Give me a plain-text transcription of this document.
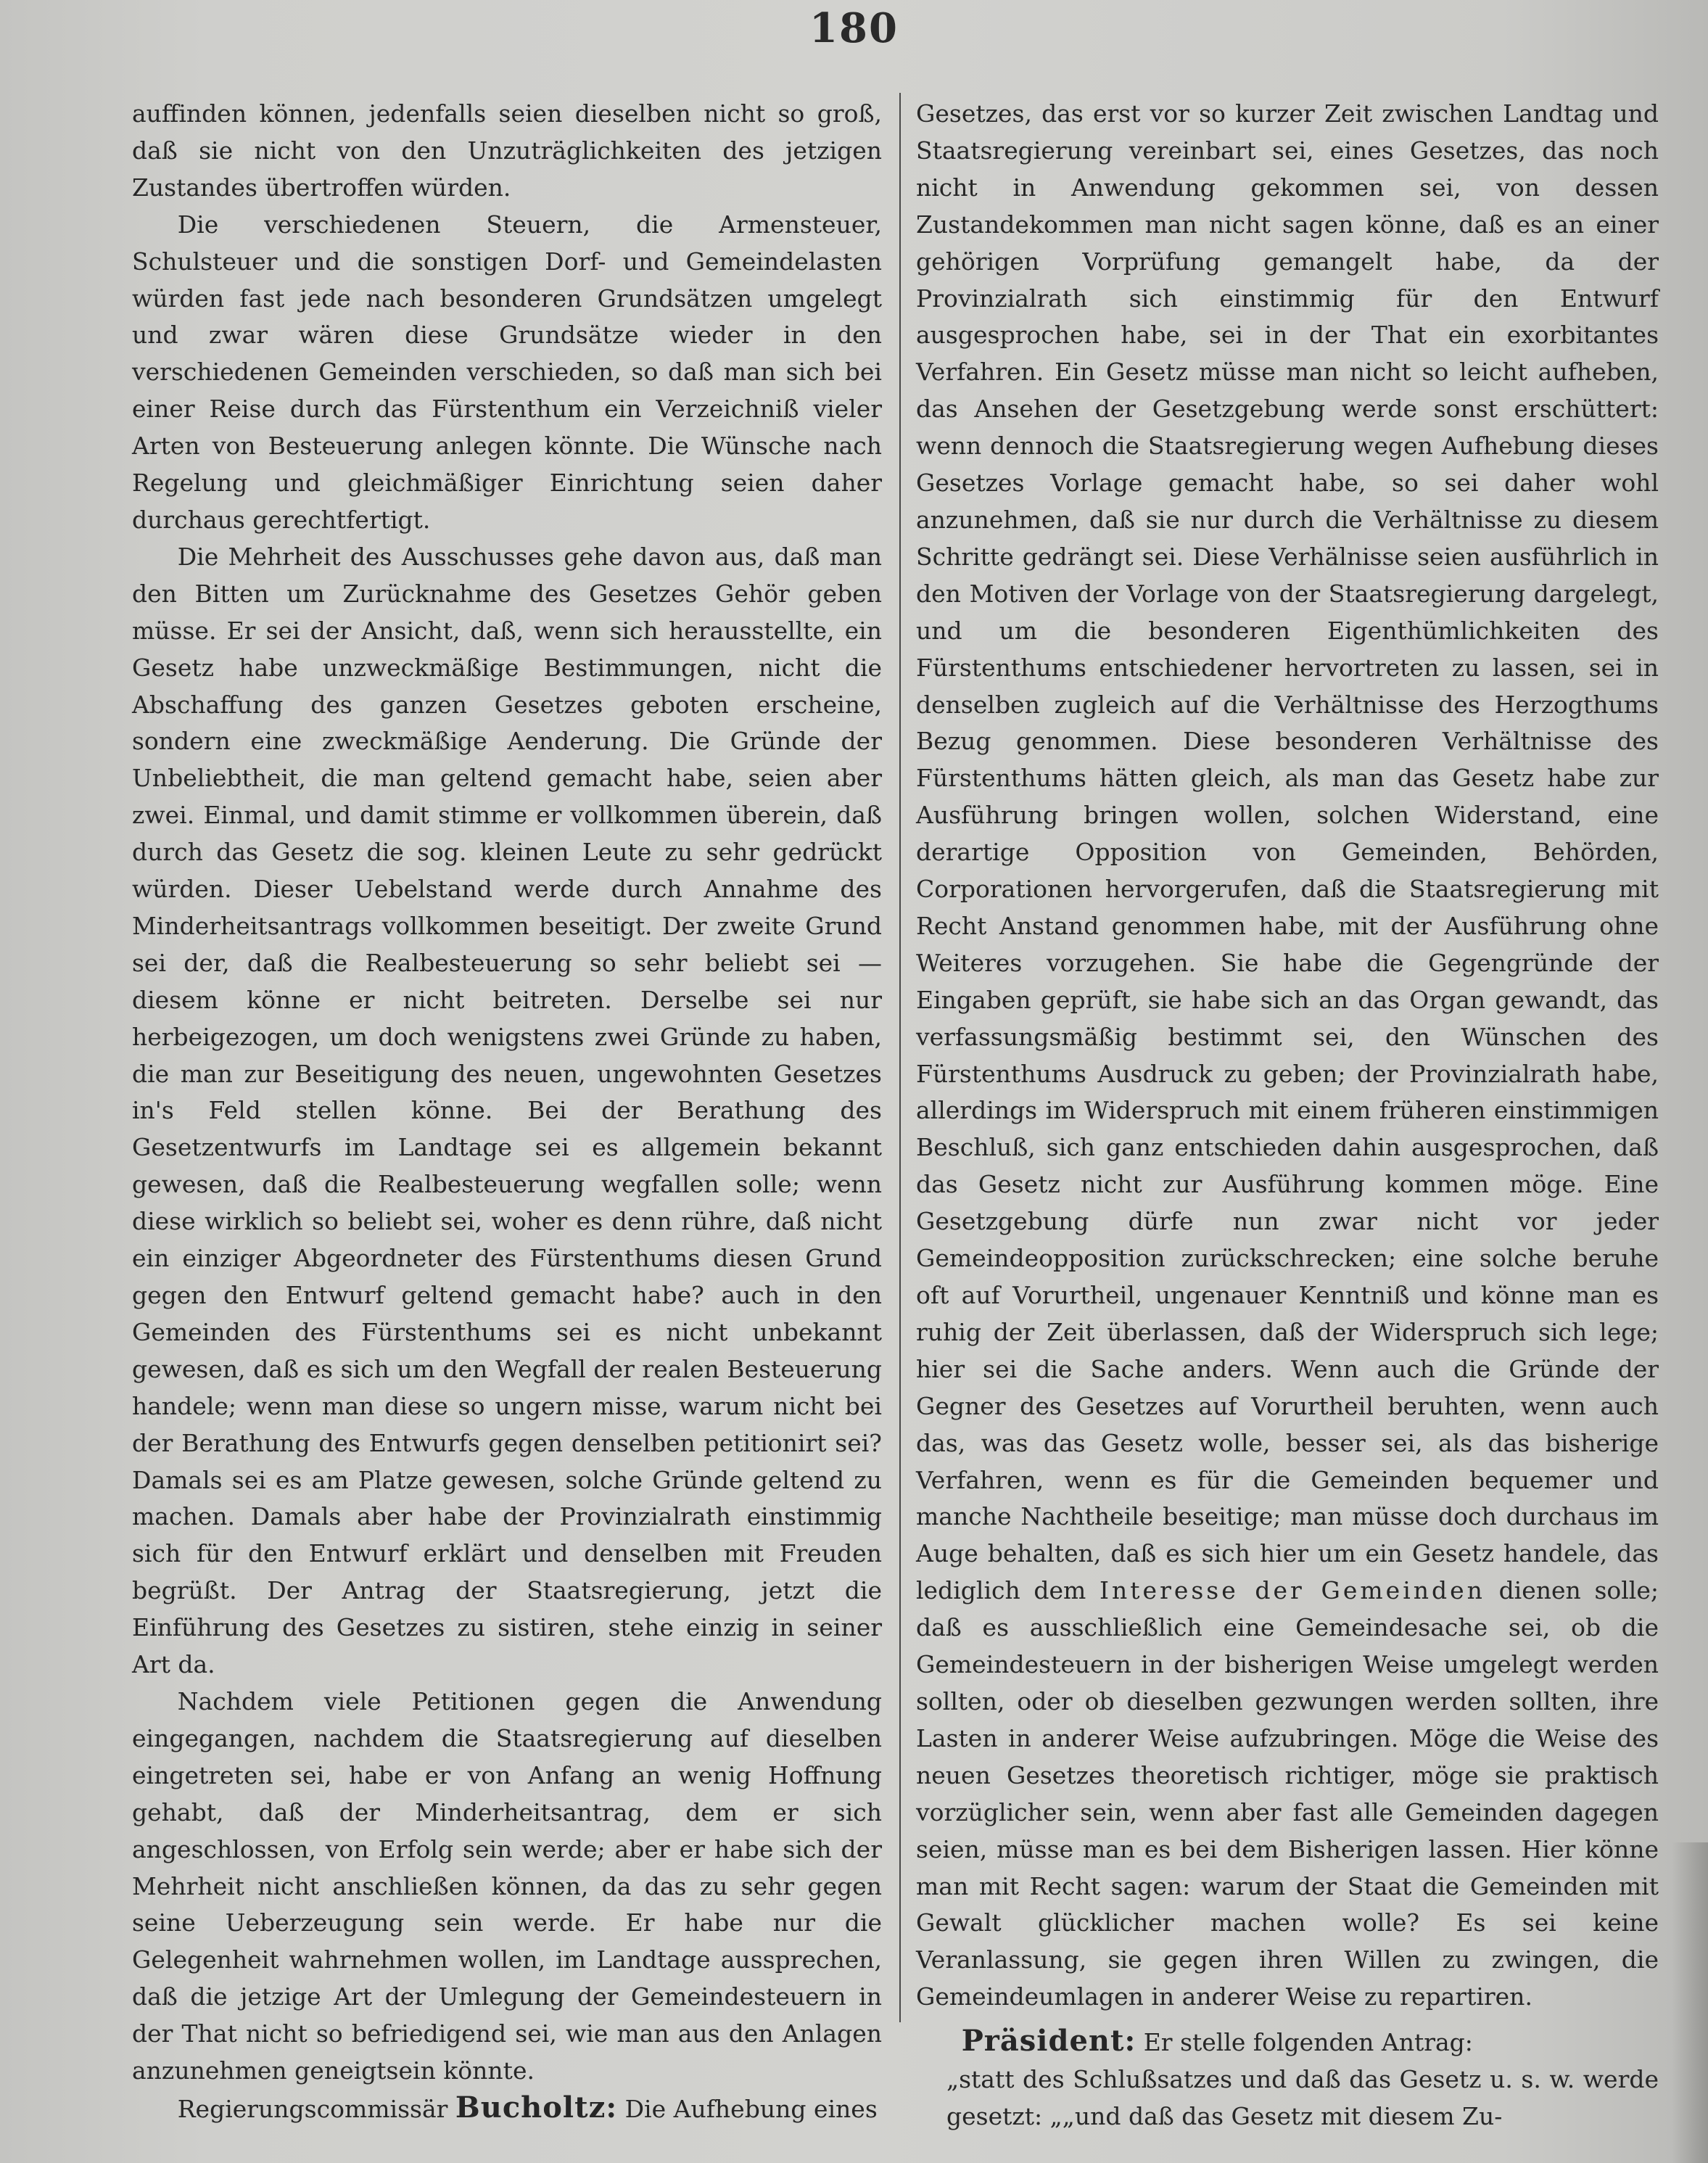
180

auffinden können, jedenfalls seien dieselben nicht so groß, daß sie nicht von den Unzuträglichkeiten des jetzigen Zustandes übertroffen würden.

Die verschiedenen Steuern, die Armensteuer, Schulsteuer und die sonstigen Dorf- und Gemeindelasten würden fast jede nach besonderen Grundsätzen umgelegt und zwar wären diese Grundsätze wieder in den verschiedenen Gemeinden verschieden, so daß man sich bei einer Reise durch das Fürstenthum ein Verzeichniß vieler Arten von Besteuerung anlegen könnte. Die Wünsche nach Regelung und gleichmäßiger Einrichtung seien daher durchaus gerechtfertigt.

Die Mehrheit des Ausschusses gehe davon aus, daß man den Bitten um Zurücknahme des Gesetzes Gehör geben müsse. Er sei der Ansicht, daß, wenn sich herausstellte, ein Gesetz habe unzweckmäßige Bestimmungen, nicht die Abschaffung des ganzen Gesetzes geboten erscheine, sondern eine zweckmäßige Aenderung. Die Gründe der Unbeliebtheit, die man geltend gemacht habe, seien aber zwei. Einmal, und damit stimme er vollkommen überein, daß durch das Gesetz die sog. kleinen Leute zu sehr gedrückt würden. Dieser Uebelstand werde durch Annahme des Minderheitsantrags vollkommen beseitigt. Der zweite Grund sei der, daß die Realbesteuerung so sehr beliebt sei — diesem könne er nicht beitreten. Derselbe sei nur herbeigezogen, um doch wenigstens zwei Gründe zu haben, die man zur Beseitigung des neuen, ungewohnten Gesetzes in's Feld stellen könne. Bei der Berathung des Gesetzentwurfs im Landtage sei es allgemein bekannt gewesen, daß die Realbesteuerung wegfallen solle; wenn diese wirklich so beliebt sei, woher es denn rühre, daß nicht ein einziger Abgeordneter des Fürstenthums diesen Grund gegen den Entwurf geltend gemacht habe? auch in den Gemeinden des Fürstenthums sei es nicht unbekannt gewesen, daß es sich um den Wegfall der realen Besteuerung handele; wenn man diese so ungern misse, warum nicht bei der Berathung des Entwurfs gegen denselben petitionirt sei? Damals sei es am Platze gewesen, solche Gründe geltend zu machen. Damals aber habe der Provinzialrath einstimmig sich für den Entwurf erklärt und denselben mit Freuden begrüßt. Der Antrag der Staatsregierung, jetzt die Einführung des Gesetzes zu sistiren, stehe einzig in seiner Art da.

Nachdem viele Petitionen gegen die Anwendung eingegangen, nachdem die Staatsregierung auf dieselben eingetreten sei, habe er von Anfang an wenig Hoffnung gehabt, daß der Minderheitsantrag, dem er sich angeschlossen, von Erfolg sein werde; aber er habe sich der Mehrheit nicht anschließen können, da das zu sehr gegen seine Ueberzeugung sein werde. Er habe nur die Gelegenheit wahrnehmen wollen, im Landtage aussprechen, daß die jetzige Art der Umlegung der Gemeindesteuern in der That nicht so befriedigend sei, wie man aus den Anlagen anzunehmen geneigtsein könnte.

Regierungscommissär Bucholtz: Die Aufhebung eines

Gesetzes, das erst vor so kurzer Zeit zwischen Landtag und Staatsregierung vereinbart sei, eines Gesetzes, das noch nicht in Anwendung gekommen sei, von dessen Zustandekommen man nicht sagen könne, daß es an einer gehörigen Vorprüfung gemangelt habe, da der Provinzialrath sich einstimmig für den Entwurf ausgesprochen habe, sei in der That ein exorbitantes Verfahren. Ein Gesetz müsse man nicht so leicht aufheben, das Ansehen der Gesetzgebung werde sonst erschüttert: wenn dennoch die Staatsregierung wegen Aufhebung dieses Gesetzes Vorlage gemacht habe, so sei daher wohl anzunehmen, daß sie nur durch die Verhältnisse zu diesem Schritte gedrängt sei. Diese Verhälnisse seien ausführlich in den Motiven der Vorlage von der Staatsregierung dargelegt, und um die besonderen Eigenthümlichkeiten des Fürstenthums entschiedener hervortreten zu lassen, sei in denselben zugleich auf die Verhältnisse des Herzogthums Bezug genommen. Diese besonderen Verhältnisse des Fürstenthums hätten gleich, als man das Gesetz habe zur Ausführung bringen wollen, solchen Widerstand, eine derartige Opposition von Gemeinden, Behörden, Corporationen hervorgerufen, daß die Staatsregierung mit Recht Anstand genommen habe, mit der Ausführung ohne Weiteres vorzugehen. Sie habe die Gegengründe der Eingaben geprüft, sie habe sich an das Organ gewandt, das verfassungsmäßig bestimmt sei, den Wünschen des Fürstenthums Ausdruck zu geben; der Provinzialrath habe, allerdings im Widerspruch mit einem früheren einstimmigen Beschluß, sich ganz entschieden dahin ausgesprochen, daß das Gesetz nicht zur Ausführung kommen möge. Eine Gesetzgebung dürfe nun zwar nicht vor jeder Gemeindeopposition zurückschrecken; eine solche beruhe oft auf Vorurtheil, ungenauer Kenntniß und könne man es ruhig der Zeit überlassen, daß der Widerspruch sich lege; hier sei die Sache anders. Wenn auch die Gründe der Gegner des Gesetzes auf Vorurtheil beruhten, wenn auch das, was das Gesetz wolle, besser sei, als das bisherige Verfahren, wenn es für die Gemeinden bequemer und manche Nachtheile beseitige; man müsse doch durchaus im Auge behalten, daß es sich hier um ein Gesetz handele, das lediglich dem Interesse der Gemeinden dienen solle; daß es ausschließlich eine Gemeindesache sei, ob die Gemeindesteuern in der bisherigen Weise umgelegt werden sollten, oder ob dieselben gezwungen werden sollten, ihre Lasten in anderer Weise aufzubringen. Möge die Weise des neuen Gesetzes theoretisch richtiger, möge sie praktisch vorzüglicher sein, wenn aber fast alle Gemeinden dagegen seien, müsse man es bei dem Bisherigen lassen. Hier könne man mit Recht sagen: warum der Staat die Gemeinden mit Gewalt glücklicher machen wolle? Es sei keine Veranlassung, sie gegen ihren Willen zu zwingen, die Gemeindeumlagen in anderer Weise zu repartiren.

Präsident: Er stelle folgenden Antrag:

„statt des Schlußsatzes und daß das Gesetz u. s. w. werde gesetzt: „„und daß das Gesetz mit diesem Zu-
